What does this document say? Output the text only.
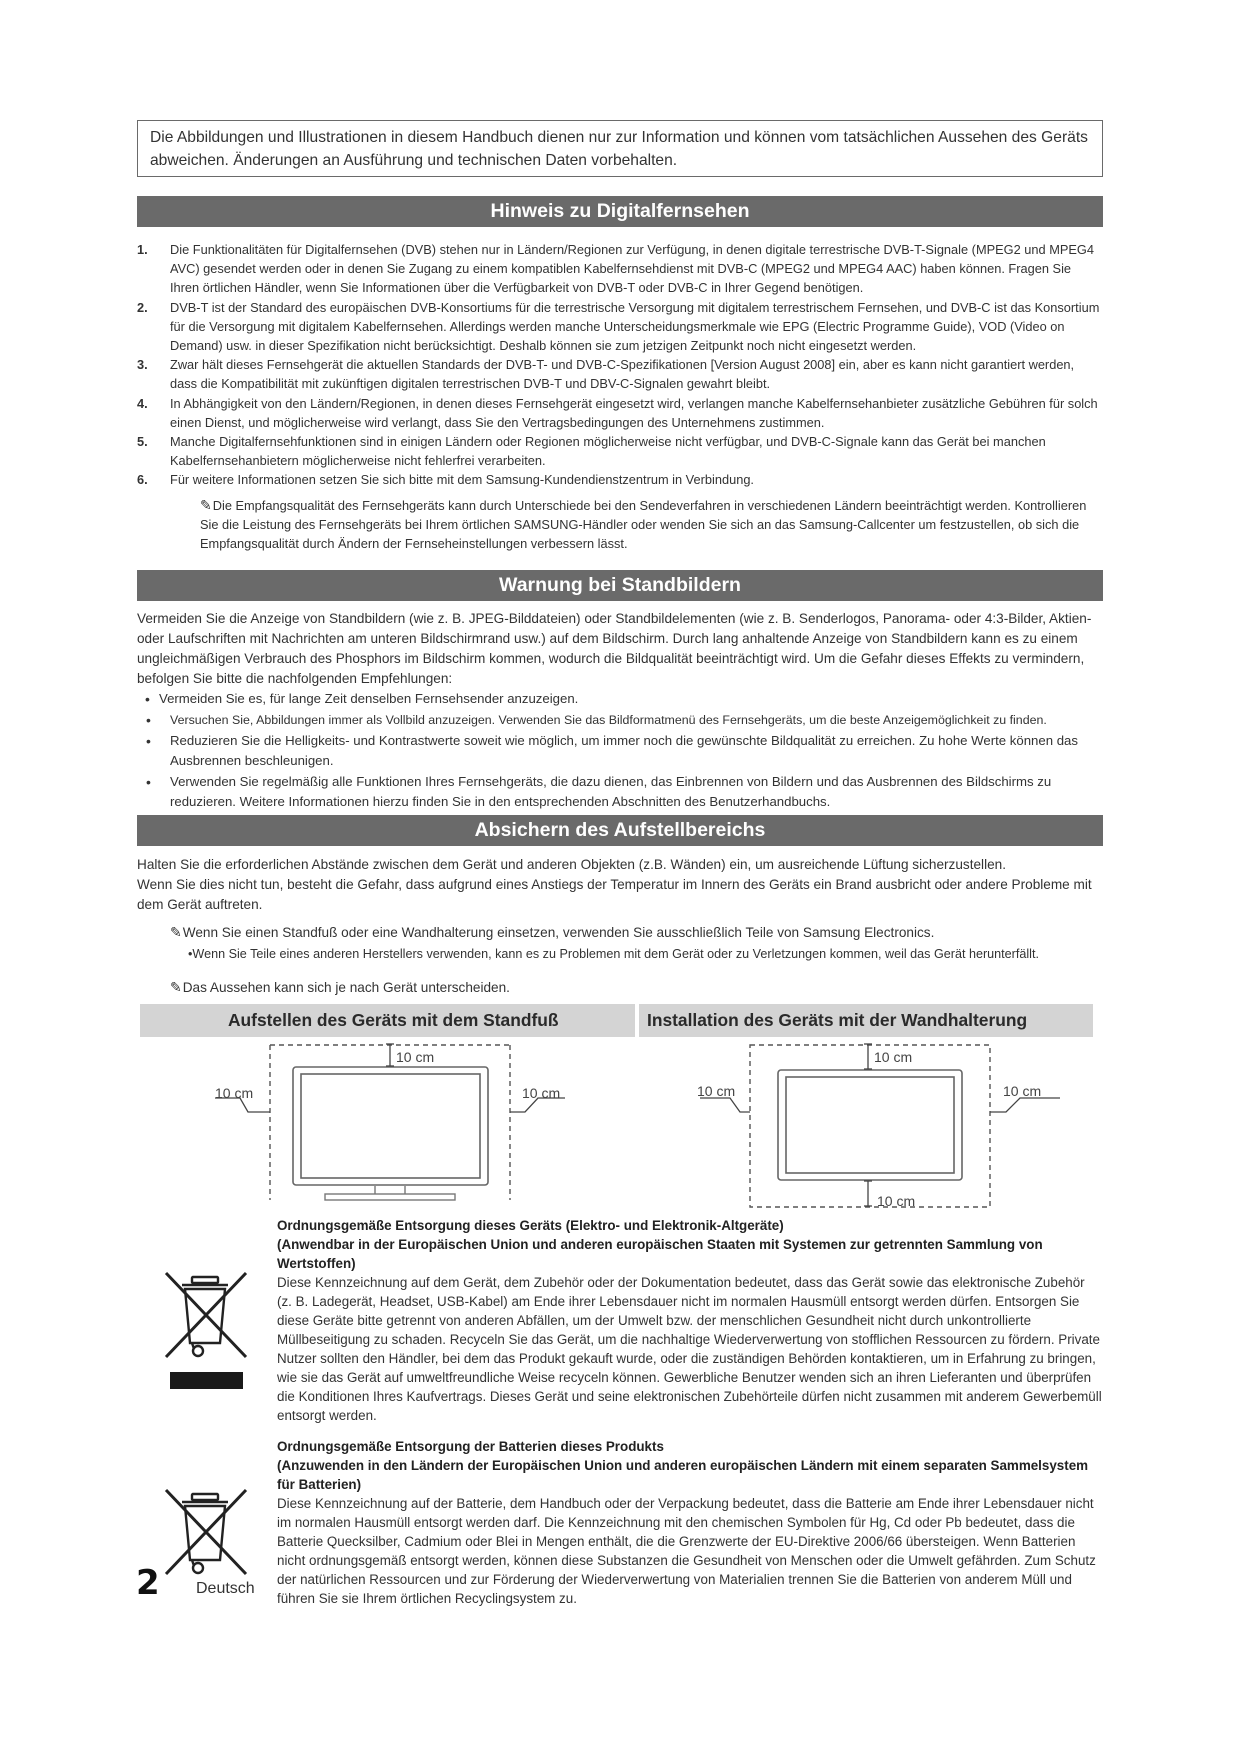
Die Abbildungen und Illustrationen in diesem Handbuch dienen nur zur Information und können vom tatsächlichen Aussehen des Geräts abweichen. Änderungen an Ausführung und technischen Daten vorbehalten.
Hinweis zu Digitalfernsehen
1. Die Funktionalitäten für Digitalfernsehen (DVB) stehen nur in Ländern/Regionen zur Verfügung, in denen digitale terrestrische DVB-T-Signale (MPEG2 und MPEG4 AVC) gesendet werden oder in denen Sie Zugang zu einem kompatiblen Kabelfernsehdienst mit DVB-C (MPEG2 und MPEG4 AAC) haben können. Fragen Sie Ihren örtlichen Händler, wenn Sie Informationen über die Verfügbarkeit von DVB-T oder DVB-C in Ihrer Gegend benötigen.
2. DVB-T ist der Standard des europäischen DVB-Konsortiums für die terrestrische Versorgung mit digitalem terrestrischem Fernsehen, und DVB-C ist das Konsortium für die Versorgung mit digitalem Kabelfernsehen. Allerdings werden manche Unterscheidungsmerkmale wie EPG (Electric Programme Guide), VOD (Video on Demand) usw. in dieser Spezifikation nicht berücksichtigt. Deshalb können sie zum jetzigen Zeitpunkt noch nicht eingesetzt werden.
3. Zwar hält dieses Fernsehgerät die aktuellen Standards der DVB-T- und DVB-C-Spezifikationen [Version August 2008] ein, aber es kann nicht garantiert werden, dass die Kompatibilität mit zukünftigen digitalen terrestrischen DVB-T und DBV-C-Signalen gewahrt bleibt.
4. In Abhängigkeit von den Ländern/Regionen, in denen dieses Fernsehgerät eingesetzt wird, verlangen manche Kabelfernsehanbieter zusätzliche Gebühren für solch einen Dienst, und möglicherweise wird verlangt, dass Sie den Vertragsbedingungen des Unternehmens zustimmen.
5. Manche Digitalfernsehfunktionen sind in einigen Ländern oder Regionen möglicherweise nicht verfügbar, und DVB-C-Signale kann das Gerät bei manchen Kabelfernsehanbietern möglicherweise nicht fehlerfrei verarbeiten.
6. Für weitere Informationen setzen Sie sich bitte mit dem Samsung-Kundendienstzentrum in Verbindung.
✎Die Empfangsqualität des Fernsehgeräts kann durch Unterschiede bei den Sendeverfahren in verschiedenen Ländern beeinträchtigt werden. Kontrollieren Sie die Leistung des Fernsehgeräts bei Ihrem örtlichen SAMSUNG-Händler oder wenden Sie sich an das Samsung-Callcenter um festzustellen, ob sich die Empfangsqualität durch Ändern der Fernseheinstellungen verbessern lässt.
Warnung bei Standbildern
Vermeiden Sie die Anzeige von Standbildern (wie z. B. JPEG-Bilddateien) oder Standbildelementen (wie z. B. Senderlogos, Panorama- oder 4:3-Bilder, Aktien- oder Laufschriften mit Nachrichten am unteren Bildschirmrand usw.) auf dem Bildschirm. Durch lang anhaltende Anzeige von Standbildern kann es zu einem ungleichmäßigen Verbrauch des Phosphors im Bildschirm kommen, wodurch die Bildqualität beeinträchtigt wird. Um die Gefahr dieses Effekts zu vermindern, befolgen Sie bitte die nachfolgenden Empfehlungen:
• Vermeiden Sie es, für lange Zeit denselben Fernsehsender anzuzeigen.
• Versuchen Sie, Abbildungen immer als Vollbild anzuzeigen. Verwenden Sie das Bildformatmenü des Fernsehgeräts, um die beste Anzeigemöglichkeit zu finden.
• Reduzieren Sie die Helligkeits- und Kontrastwerte soweit wie möglich, um immer noch die gewünschte Bildqualität zu erreichen. Zu hohe Werte können das Ausbrennen beschleunigen.
• Verwenden Sie regelmäßig alle Funktionen Ihres Fernsehgeräts, die dazu dienen, das Einbrennen von Bildern und das Ausbrennen des Bildschirms zu reduzieren. Weitere Informationen hierzu finden Sie in den entsprechenden Abschnitten des Benutzerhandbuchs.
Absichern des Aufstellbereichs
Halten Sie die erforderlichen Abstände zwischen dem Gerät und anderen Objekten (z.B. Wänden) ein, um ausreichende Lüftung sicherzustellen.
Wenn Sie dies nicht tun, besteht die Gefahr, dass aufgrund eines Anstiegs der Temperatur im Innern des Geräts ein Brand ausbricht oder andere Probleme mit dem Gerät auftreten.
✎Wenn Sie einen Standfuß oder eine Wandhalterung einsetzen, verwenden Sie ausschließlich Teile von Samsung Electronics.
•Wenn Sie Teile eines anderen Herstellers verwenden, kann es zu Problemen mit dem Gerät oder zu Verletzungen kommen, weil das Gerät herunterfällt.
✎Das Aussehen kann sich je nach Gerät unterscheiden.
Aufstellen des Geräts mit dem Standfuß	Installation des Geräts mit der Wandhalterung
10 cm
10 cm	10 cm
10 cm
10 cm	10 cm
10 cm
Ordnungsgemäße Entsorgung dieses Geräts (Elektro- und Elektronik-Altgeräte)
(Anwendbar in der Europäischen Union und anderen europäischen Staaten mit Systemen zur getrennten Sammlung von Wertstoffen)
Diese Kennzeichnung auf dem Gerät, dem Zubehör oder der Dokumentation bedeutet, dass das Gerät sowie das elektronische Zubehör (z. B. Ladegerät, Headset, USB-Kabel) am Ende ihrer Lebensdauer nicht im normalen Hausmüll entsorgt werden dürfen. Entsorgen Sie diese Geräte bitte getrennt von anderen Abfällen, um der Umwelt bzw. der menschlichen Gesundheit nicht durch unkontrollierte Müllbeseitigung zu schaden. Recyceln Sie das Gerät, um die nachhaltige Wiederverwertung von stofflichen Ressourcen zu fördern. Private Nutzer sollten den Händler, bei dem das Produkt gekauft wurde, oder die zuständigen Behörden kontaktieren, um in Erfahrung zu bringen, wie sie das Gerät auf umweltfreundliche Weise recyceln können. Gewerbliche Benutzer wenden sich an ihren Lieferanten und überprüfen die Konditionen Ihres Kaufvertrags. Dieses Gerät und seine elektronischen Zubehörteile dürfen nicht zusammen mit anderem Gewerbemüll entsorgt werden.
Ordnungsgemäße Entsorgung der Batterien dieses Produkts
(Anzuwenden in den Ländern der Europäischen Union und anderen europäischen Ländern mit einem separaten Sammelsystem für Batterien)
Diese Kennzeichnung auf der Batterie, dem Handbuch oder der Verpackung bedeutet, dass die Batterie am Ende ihrer Lebensdauer nicht im normalen Hausmüll entsorgt werden darf. Die Kennzeichnung mit den chemischen Symbolen für Hg, Cd oder Pb bedeutet, dass die Batterie Quecksilber, Cadmium oder Blei in Mengen enthält, die die Grenzwerte der EU-Direktive 2006/66 übersteigen. Wenn Batterien nicht ordnungsgemäß entsorgt werden, können diese Substanzen die Gesundheit von Menschen oder die Umwelt gefährden. Zum Schutz der natürlichen Ressourcen und zur Förderung der Wiederverwertung von Materialien trennen Sie die Batterien von anderem Müll und führen Sie sie Ihrem örtlichen Recyclingsystem zu.
2 Deutsch
